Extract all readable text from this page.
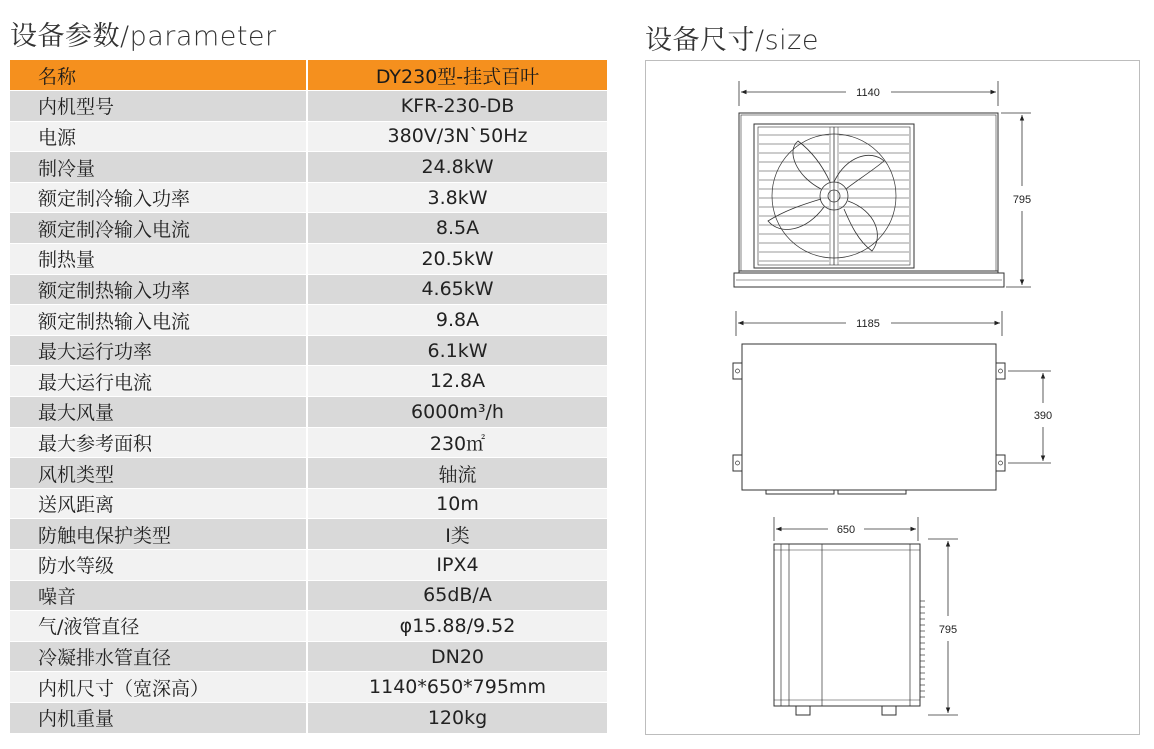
设备参数/parameter	设备尺寸/size
名称	DY230型-挂式百叶
内机型号	KFR-230-DB
电源	380V/3N`50Hz
制冷量	24.8kW
额定制冷输入功率	3.8kW
额定制冷输入电流	8.5A
制热量	20.5kW
额定制热输入功率	4.65kW
额定制热输入电流	9.8A
最大运行功率	6.1kW
最大运行电流	12.8A
最大风量	6000m³/h
最大参考面积	230㎡
风机类型	轴流
送风距离	10m
防触电保护类型	Ⅰ类
防水等级	ⅠPX4
噪音	65dB/A
气/液管直径	φ15.88/9.52
冷凝排水管直径	DN20
内机尺寸（宽深高）	1140*650*795mm
内机重量	120kg
1140
795
1185
390
650
795
